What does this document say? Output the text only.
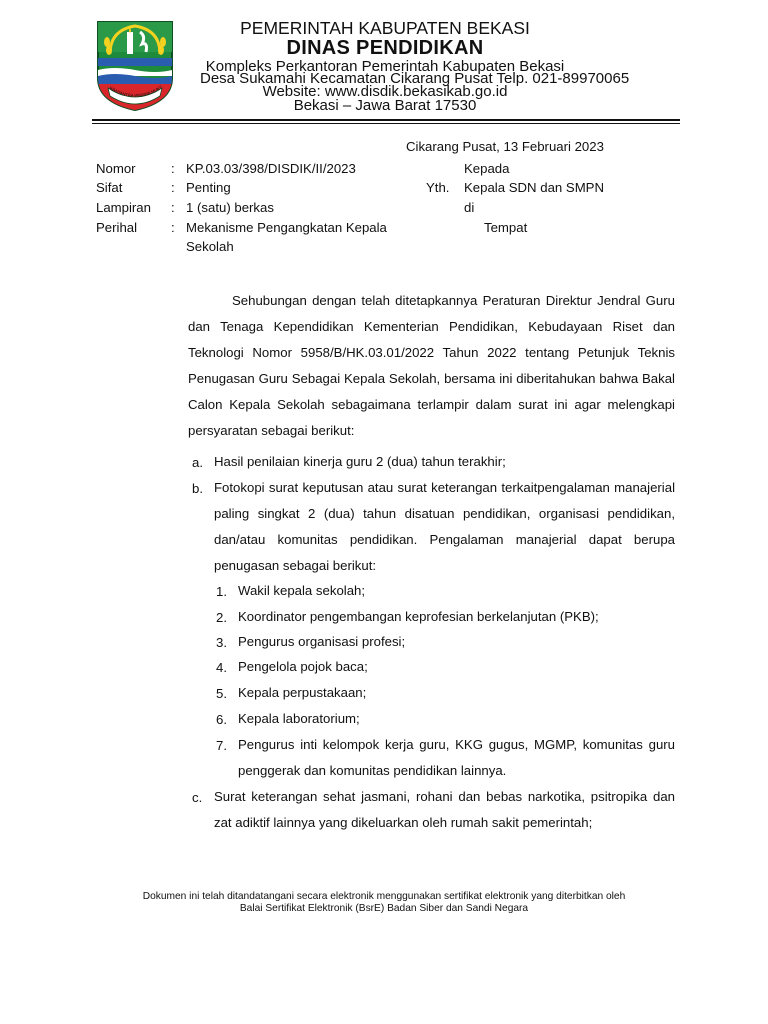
WANTANTRA WIBAWA MUKT
PEMERINTAH KABUPATEN BEKASI
DINAS PENDIDIKAN
Kompleks Perkantoran Pemerintah Kabupaten Bekasi
Desa Sukamahi Kecamatan Cikarang Pusat Telp. 021-89970065
Website: www.disdik.bekasikab.go.id
Bekasi – Jawa Barat 17530
Cikarang Pusat, 13 Februari 2023
Nomor	: KP.03.03/398/DISDIK/II/2023
Sifat	: Penting
Lampiran : 1 (satu) berkas
Perihal	: Mekanisme Pengangkatan Kepala Sekolah
Kepada
Yth. Kepala SDN dan SMPN
di
Tempat
Sehubungan dengan telah ditetapkannya Peraturan Direktur Jendral Guru dan Tenaga Kependidikan Kementerian Pendidikan, Kebudayaan Riset dan Teknologi Nomor 5958/B/HK.03.01/2022 Tahun 2022 tentang Petunjuk Teknis Penugasan Guru Sebagai Kepala Sekolah, bersama ini diberitahukan bahwa Bakal Calon Kepala Sekolah sebagaimana terlampir dalam surat ini agar melengkapi persyaratan sebagai berikut:
a. Hasil penilaian kinerja guru 2 (dua) tahun terakhir;
b. Fotokopi surat keputusan atau surat keterangan terkaitpengalaman manajerial paling singkat 2 (dua) tahun disatuan pendidikan, organisasi pendidikan, dan/atau komunitas pendidikan. Pengalaman manajerial dapat berupa penugasan sebagai berikut:
1. Wakil kepala sekolah;
2. Koordinator pengembangan keprofesian berkelanjutan (PKB);
3. Pengurus organisasi profesi;
4. Pengelola pojok baca;
5. Kepala perpustakaan;
6. Kepala laboratorium;
7. Pengurus inti kelompok kerja guru, KKG gugus, MGMP, komunitas guru penggerak dan komunitas pendidikan lainnya.
c. Surat keterangan sehat jasmani, rohani dan bebas narkotika, psitropika dan zat adiktif lainnya yang dikeluarkan oleh rumah sakit pemerintah;
Dokumen ini telah ditandatangani secara elektronik menggunakan sertifikat elektronik yang diterbitkan oleh
Balai Sertifikat Elektronik (BsrE) Badan Siber dan Sandi Negara
